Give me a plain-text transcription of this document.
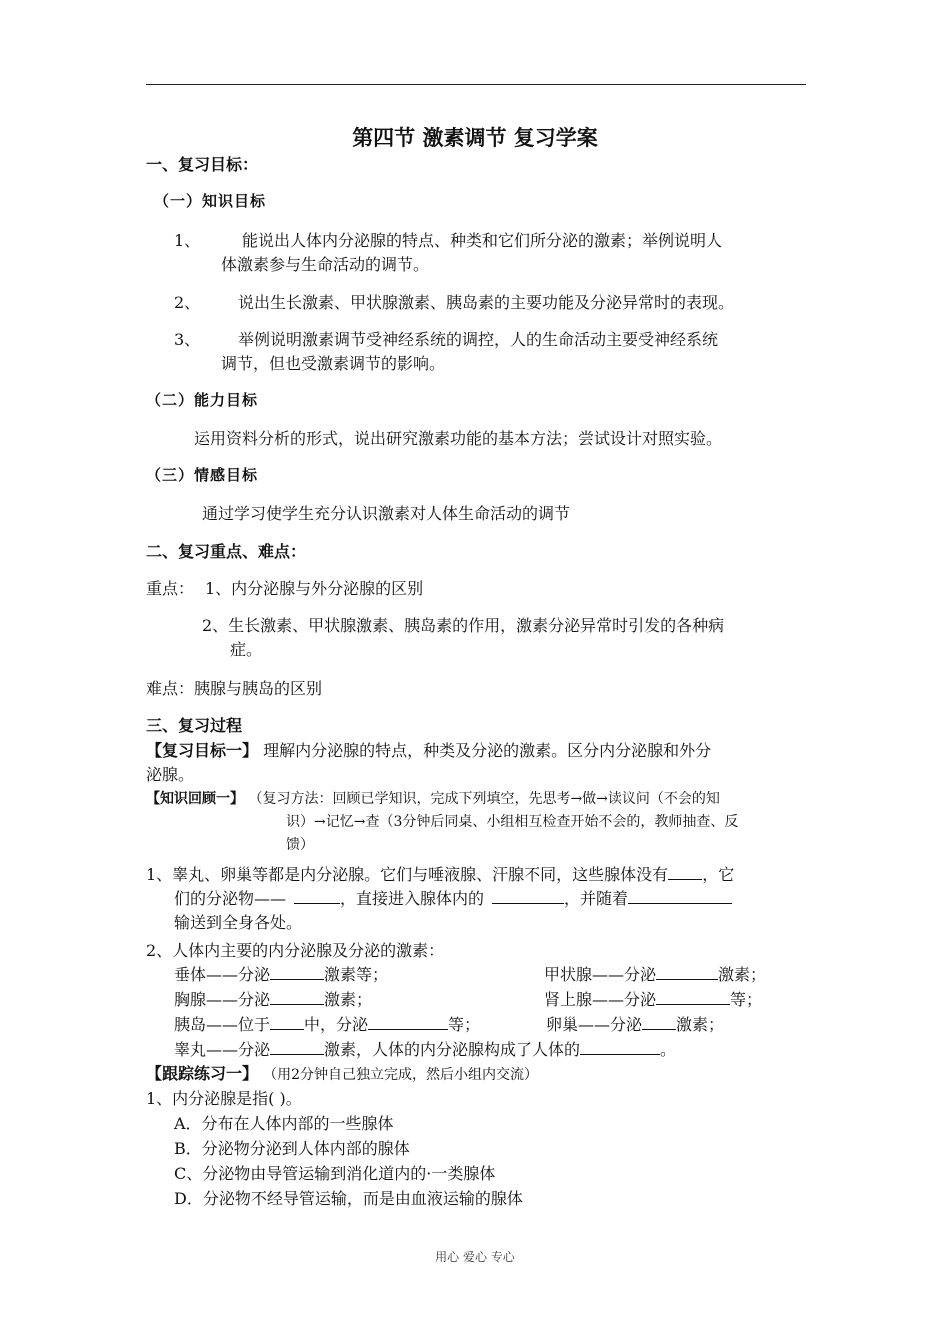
第四节 激素调节 复习学案
一、复习目标：
（一）知识目标
1、	能说出人体内分泌腺的特点、种类和它们所分泌的激素；举例说明人
体激素参与生命活动的调节。
2、 说出生长激素、甲状腺激素、胰岛素的主要功能及分泌异常时的表现。
3、 举例说明激素调节受神经系统的调控，人的生命活动主要受神经系统
调节，但也受激素调节的影响。
（二）能力目标
运用资料分析的形式，说出研究激素功能的基本方法；尝试设计对照实验。
（三）情感目标
通过学习使学生充分认识激素对人体生命活动的调节
二、复习重点、难点：
重点： 1、内分泌腺与外分泌腺的区别
2、生长激素、甲状腺激素、胰岛素的作用，激素分泌异常时引发的各种病
症。
难点：胰腺与胰岛的区别
三、复习过程
【复习目标一】 理解内分泌腺的特点，种类及分泌的激素。区分内分泌腺和外分
泌腺。
【知识回顾一】 （复习方法：回顾已学知识，完成下列填空，先思考→做→读议问（不会的知
识）→记忆→查（3分钟后同桌、小组相互检查开始不会的，教师抽查、反
馈）
1、睾丸、卵巢等都是内分泌腺。它们与唾液腺、汗腺不同，这些腺体没有 ，它
们的分泌物——	，直接进入腺体内的	，并随着
输送到全身各处。
2、人体内主要的内分泌腺及分泌的激素：
垂体——分泌	激素等；	甲状腺——分泌	激素；
胸腺——分泌	激素；	肾上腺——分泌	等；
胰岛——位于 中，分泌	等；	卵巢——分泌 激素；
睾丸——分泌	激素，人体的内分泌腺构成了人体的	。
【跟踪练习一】 （用2分钟自己独立完成，然后小组内交流）
1、内分泌腺是指( )。
A．分布在人体内部的一些腺体
B．分泌物分泌到人体内部的腺体
C、分泌物由导管运输到消化道内的·一类腺体
D．分泌物不经导管运输，而是由血液运输的腺体
用心 爱心 专心
